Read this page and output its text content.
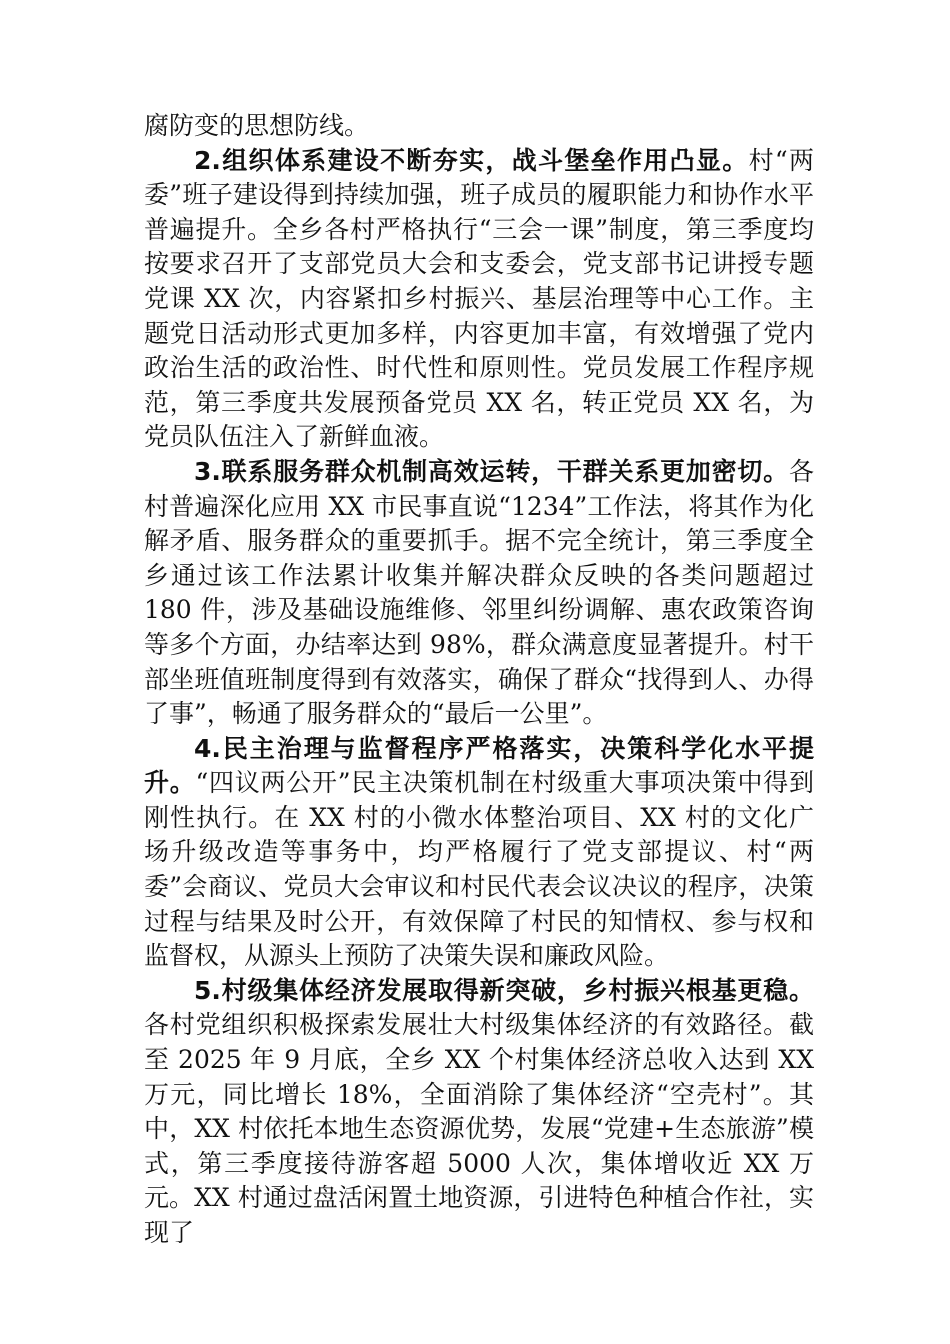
腐防变的思想防线。

2.组织体系建设不断夯实，战斗堡垒作用凸显。村“两委”班子建设得到持续加强，班子成员的履职能力和协作水平普遍提升。全乡各村严格执行“三会一课”制度，第三季度均按要求召开了支部党员大会和支委会，党支部书记讲授专题党课 XX 次，内容紧扣乡村振兴、基层治理等中心工作。主题党日活动形式更加多样，内容更加丰富，有效增强了党内政治生活的政治性、时代性和原则性。党员发展工作程序规范，第三季度共发展预备党员 XX 名，转正党员 XX 名，为党员队伍注入了新鲜血液。

3.联系服务群众机制高效运转，干群关系更加密切。各村普遍深化应用 XX 市民事直说“1234”工作法，将其作为化解矛盾、服务群众的重要抓手。据不完全统计，第三季度全乡通过该工作法累计收集并解决群众反映的各类问题超过 180 件，涉及基础设施维修、邻里纠纷调解、惠农政策咨询等多个方面，办结率达到 98%，群众满意度显著提升。村干部坐班值班制度得到有效落实，确保了群众“找得到人、办得了事”，畅通了服务群众的“最后一公里”。

4.民主治理与监督程序严格落实，决策科学化水平提升。“四议两公开”民主决策机制在村级重大事项决策中得到刚性执行。在 XX 村的小微水体整治项目、XX 村的文化广场升级改造等事务中，均严格履行了党支部提议、村“两委”会商议、党员大会审议和村民代表会议决议的程序，决策过程与结果及时公开，有效保障了村民的知情权、参与权和监督权，从源头上预防了决策失误和廉政风险。

5.村级集体经济发展取得新突破，乡村振兴根基更稳。各村党组织积极探索发展壮大村级集体经济的有效路径。截至 2025 年 9 月底，全乡 XX 个村集体经济总收入达到 XX 万元，同比增长 18%，全面消除了集体经济“空壳村”。其中，XX 村依托本地生态资源优势，发展“党建+生态旅游”模式，第三季度接待游客超 5000 人次，集体增收近 XX 万元。XX 村通过盘活闲置土地资源，引进特色种植合作社，实现了
